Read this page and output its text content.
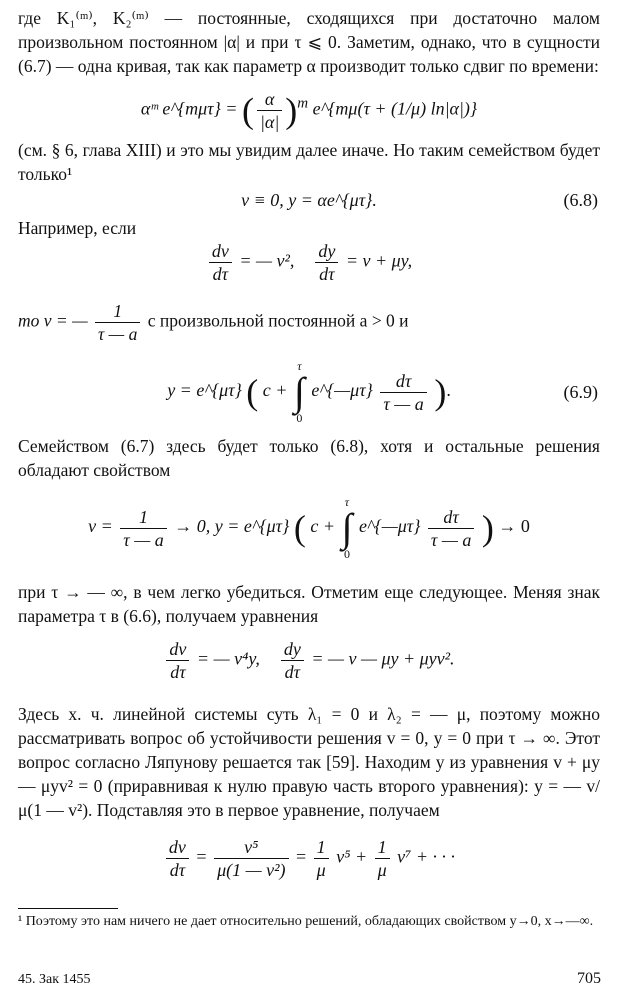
где K₁⁽ᵐ⁾, K₂⁽ᵐ⁾ — постоянные, сходящихся при достаточно малом произвольном постоянном |α| и при τ ⩽ 0. Заметим, однако, что в сущности (6.7) — одна кривая, так как параметр α производит только сдвиг по времени:

αᵐ e^{mμτ} = ( $\frac{\alpha}{|\alpha|} )^m$ e^{mμ(τ + (1/μ) ln|α|)}

(см. § 6, глава XIII) и это мы увидим далее иначе. Но таким семейством будет только¹

v ≡ 0, y = αe^{μτ}.	(6.8)

Например, если

$\frac{dv}{d\tau}$ = — v², $\frac{dy}{d\tau} = v + \mu y$,
то v = — $\frac{1}{\tau — a}$ с произвольной постоянной a > 0 и
y = e^{μτ} ( c +
τ
∫
0
e^{—μτ} $\frac{d\tau}{\tau — a}$ ).	(6.9)

Семейством (6.7) здесь будет только (6.8), хотя и остальные решения обладают свойством

$v = \frac{1}{\tau — a} \to 0$, y = e^{μτ} ( c +
τ
∫
0
e^{—μτ} $\frac{d\tau}{\tau — a}$ ) → 0

при τ → — ∞, в чем легко убедиться. Отметим еще следующее. Меняя знак параметра τ в (6.6), получаем уравнения

$\frac{dv}{d\tau}$ = — v⁴y, $\frac{dy}{d\tau}$ = — v — μy + μyv².

Здесь х. ч. линейной системы суть λ₁ = 0 и λ₂ = — μ, поэтому можно рассматривать вопрос об устойчивости решения v = 0, y = 0 при τ → ∞. Этот вопрос согласно Ляпунову решается так [59]. Находим y из уравнения v + μy — μyv² = 0 (приравнивая к нулю правую часть второго уравнения): y = — v/μ(1 — v²). Подставляя это в первое уравнение, получаем

$\frac{dv}{d\tau} = \frac{\text{v⁵}}{\text{μ(1 — v²)}} = \frac{1}{\mu} v^5 + \frac{1}{\mu} v^7$ + · · ·

¹ Поэтому это нам ничего не дает относительно решений, обладающих свойством y→0, x→—∞.

45. Зак 1455	705
